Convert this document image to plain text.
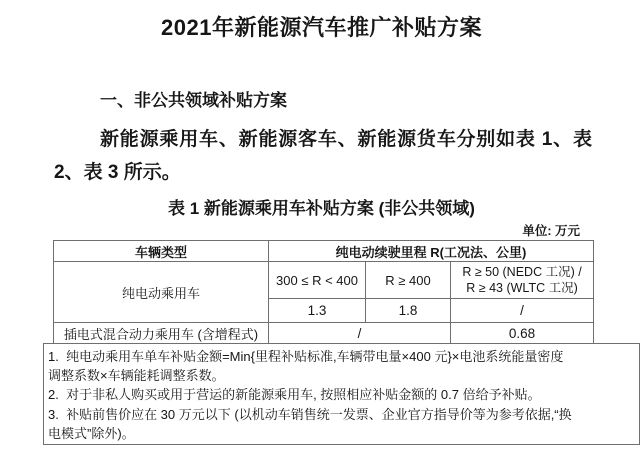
2021年新能源汽车推广补贴方案
一、非公共领域补贴方案
新能源乘用车、新能源客车、新能源货车分别如表 1、表
2、表 3 所示。
表 1 新能源乘用车补贴方案 (非公共领域)
单位: 万元
车辆类型	纯电动续驶里程 R(工况法、公里)		
纯电动乘用车	300 ≤ R < 400	R ≥ 400	R ≥ 50 (NEDC 工况) /
R ≥ 43 (WLTC 工况)

	1.3	1.8	/
插电式混合动力乘用车 (含增程式)	/		0.68
1.  纯电动乘用车单车补贴金额=Min{里程补贴标准,车辆带电量×400 元}×电池系统能量密度
调整系数×车辆能耗调整系数。
2.  对于非私人购买或用于营运的新能源乘用车, 按照相应补贴金额的 0.7 倍给予补贴。
3.  补贴前售价应在 30 万元以下 (以机动车销售统一发票、企业官方指导价等为参考依据,“换
电模式”除外)。
